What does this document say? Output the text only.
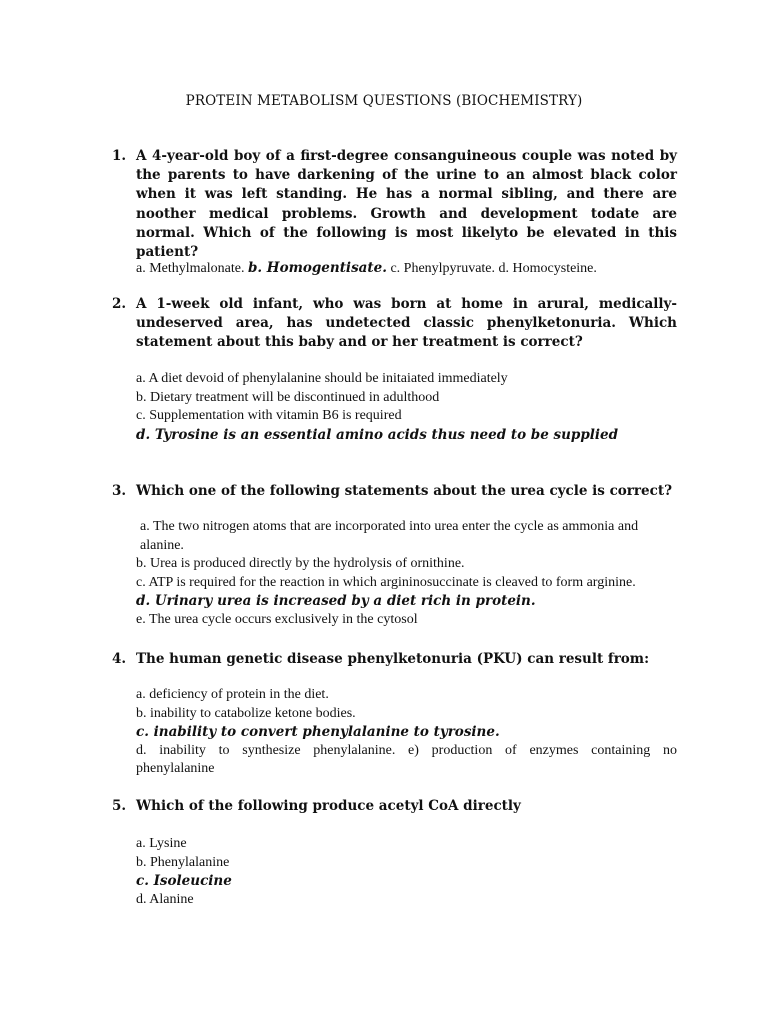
PROTEIN METABOLISM QUESTIONS (BIOCHEMISTRY)
1. A 4-year-old boy of a first-degree consanguineous couple was noted by the parents to have darkening of the urine to an almost black color when it was left standing. He has a normal sibling, and there are noother medical problems. Growth and development todate are normal. Which of the following is most likelyto be elevated in this patient?
a. Methylmalonate. b. Homogentisate. c. Phenylpyruvate. d. Homocysteine.
2. A 1-week old infant, who was born at home in arural, medically-undeserved area, has undetected classic phenylketonuria. Which statement about this baby and or her treatment is correct?
a. A diet devoid of phenylalanine should be initaiated immediately
b. Dietary treatment will be discontinued in adulthood
c. Supplementation with vitamin B6 is required
d. Tyrosine is an essential amino acids thus need to be supplied
3. Which one of the following statements about the urea cycle is correct?
a. The two nitrogen atoms that are incorporated into urea enter the cycle as ammonia and alanine.
b. Urea is produced directly by the hydrolysis of ornithine.
c. ATP is required for the reaction in which argininosuccinate is cleaved to form arginine.
d. Urinary urea is increased by a diet rich in protein.
e. The urea cycle occurs exclusively in the cytosol
4. The human genetic disease phenylketonuria (PKU) can result from:
a. deficiency of protein in the diet.
b. inability to catabolize ketone bodies.
c. inability to convert phenylalanine to tyrosine.
d. inability to synthesize phenylalanine. e) production of enzymes containing no phenylalanine
5. Which of the following produce acetyl CoA directly
a. Lysine
b. Phenylalanine
c. Isoleucine
d. Alanine
